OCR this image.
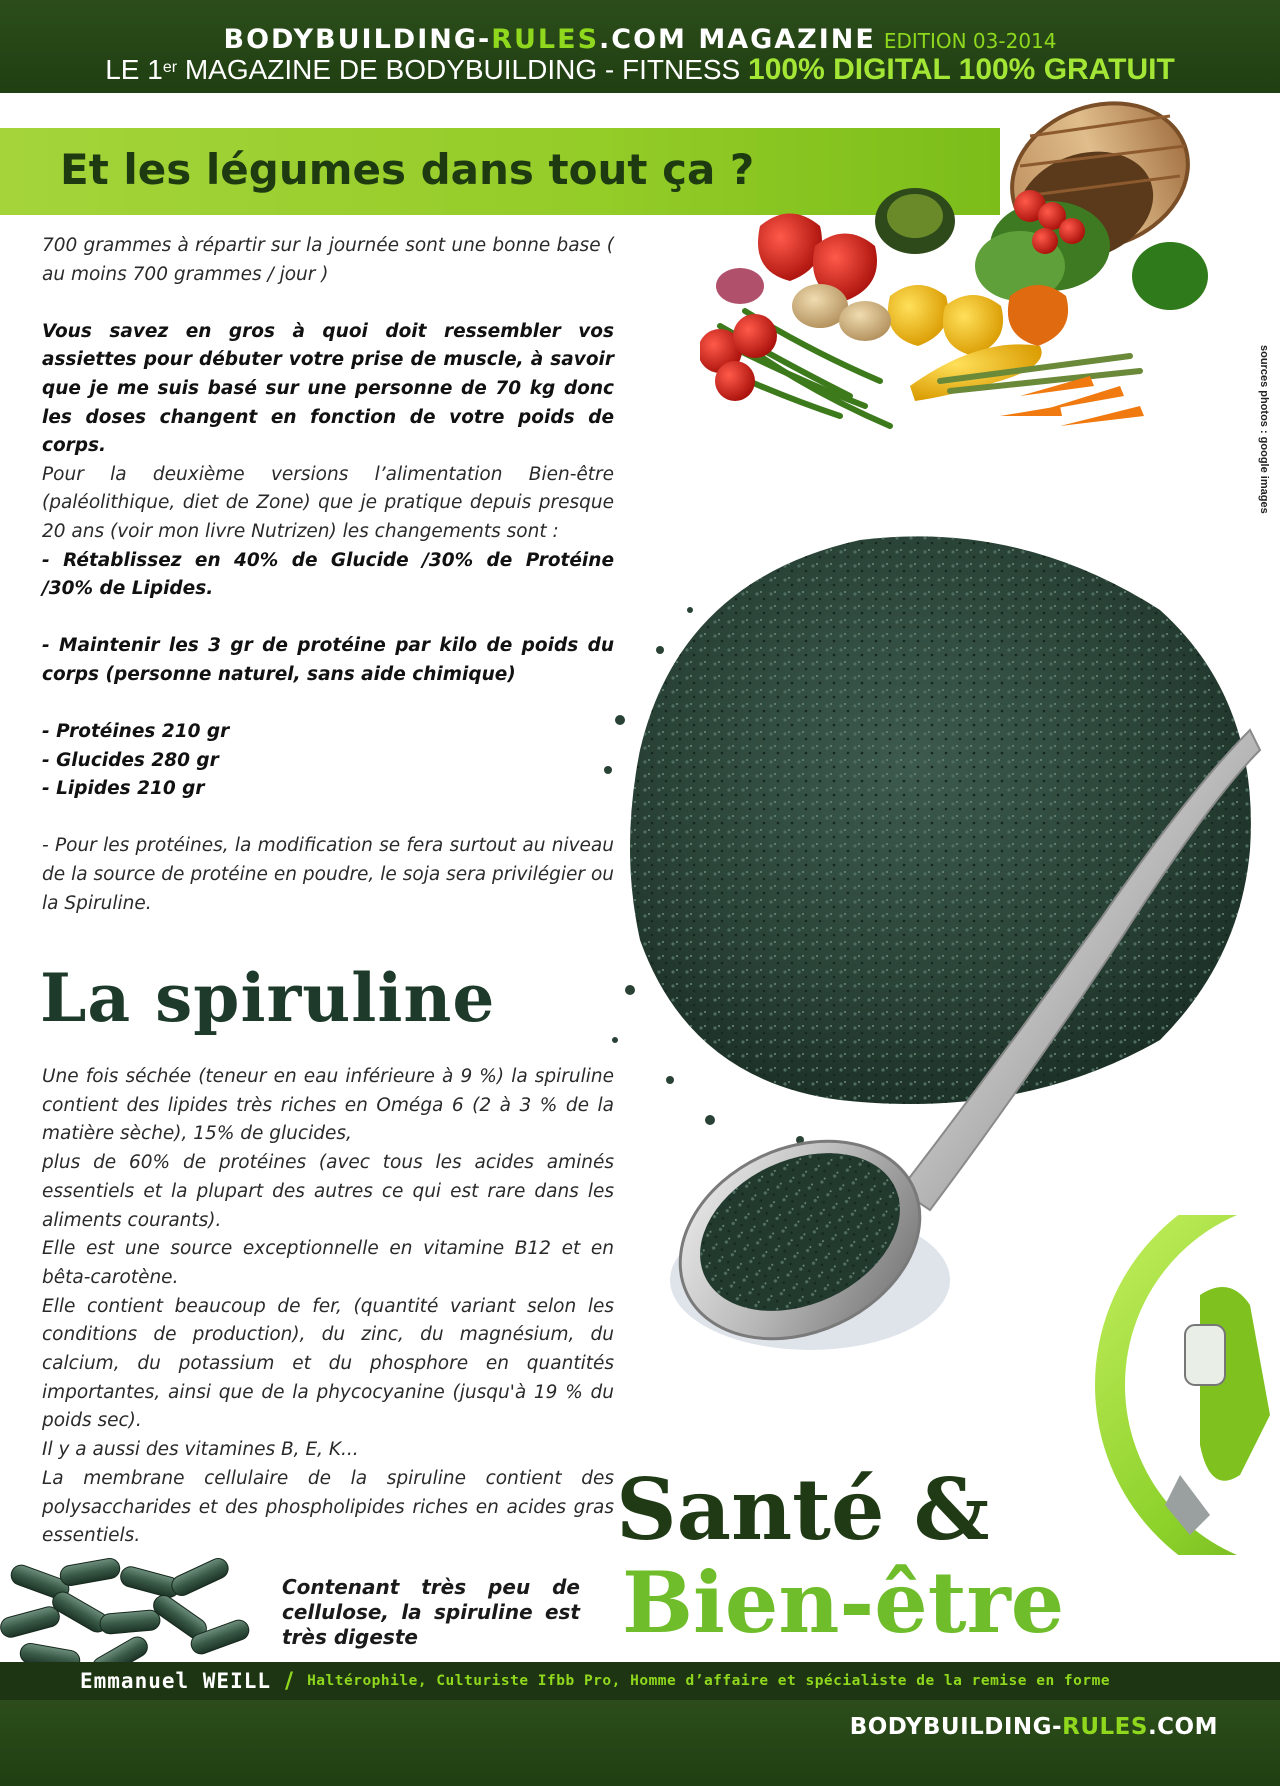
BODYBUILDING-RULES.COM MAGAZINE EDITION 03-2014
LE 1er MAGAZINE DE BODYBUILDING - FITNESS 100% DIGITAL 100% GRATUIT
Et les légumes dans tout ça ?
sources photos : google images

700 grammes à répartir sur la journée sont une bonne base ( au moins 700 grammes / jour )

Vous savez en gros à quoi doit ressembler vos assiettes pour débuter votre prise de muscle, à savoir que je me suis basé sur une personne de 70 kg donc les doses changent en fonction de votre poids de corps.

Pour la deuxième versions l’alimentation Bien-être (paléolithique, diet de Zone) que je pratique depuis presque 20 ans (voir mon livre Nutrizen) les changements sont :

- Rétablissez en 40% de Glucide /30% de Protéine /30% de Lipides.

- Maintenir les 3 gr de protéine par kilo de poids du corps (personne naturel, sans aide chimique)

- Protéines 210 gr

- Glucides 280 gr

- Lipides 210 gr

- Pour les protéines, la modification se fera surtout au niveau de la source de protéine en poudre, le soja sera privilégier ou la Spiruline.

La spiruline

Une fois séchée (teneur en eau inférieure à 9 %) la spiruline contient des lipides très riches en Oméga 6 (2 à 3 % de la matière sèche), 15% de glucides,

plus de 60% de protéines (avec tous les acides aminés essentiels et la plupart des autres ce qui est rare dans les aliments courants).

Elle est une source exceptionnelle en vitamine B12 et en bêta-carotène.

Elle contient beaucoup de fer, (quantité variant selon les conditions de production), du zinc, du magnésium, du calcium, du potassium et du phosphore en quantités importantes, ainsi que de la phycocyanine (jusqu'à 19 % du poids sec).

Il y a aussi des vitamines B, E, K...

La membrane cellulaire de la spiruline contient des polysaccharides et des phospholipides riches en acides gras essentiels.

Contenant très peu de cellulose, la spiruline est très digeste

Santé &
Bien-être
Emmanuel WEILL / Haltérophile, Culturiste Ifbb Pro, Homme d’affaire et spécialiste de la remise en forme
BODYBUILDING-RULES.COM
